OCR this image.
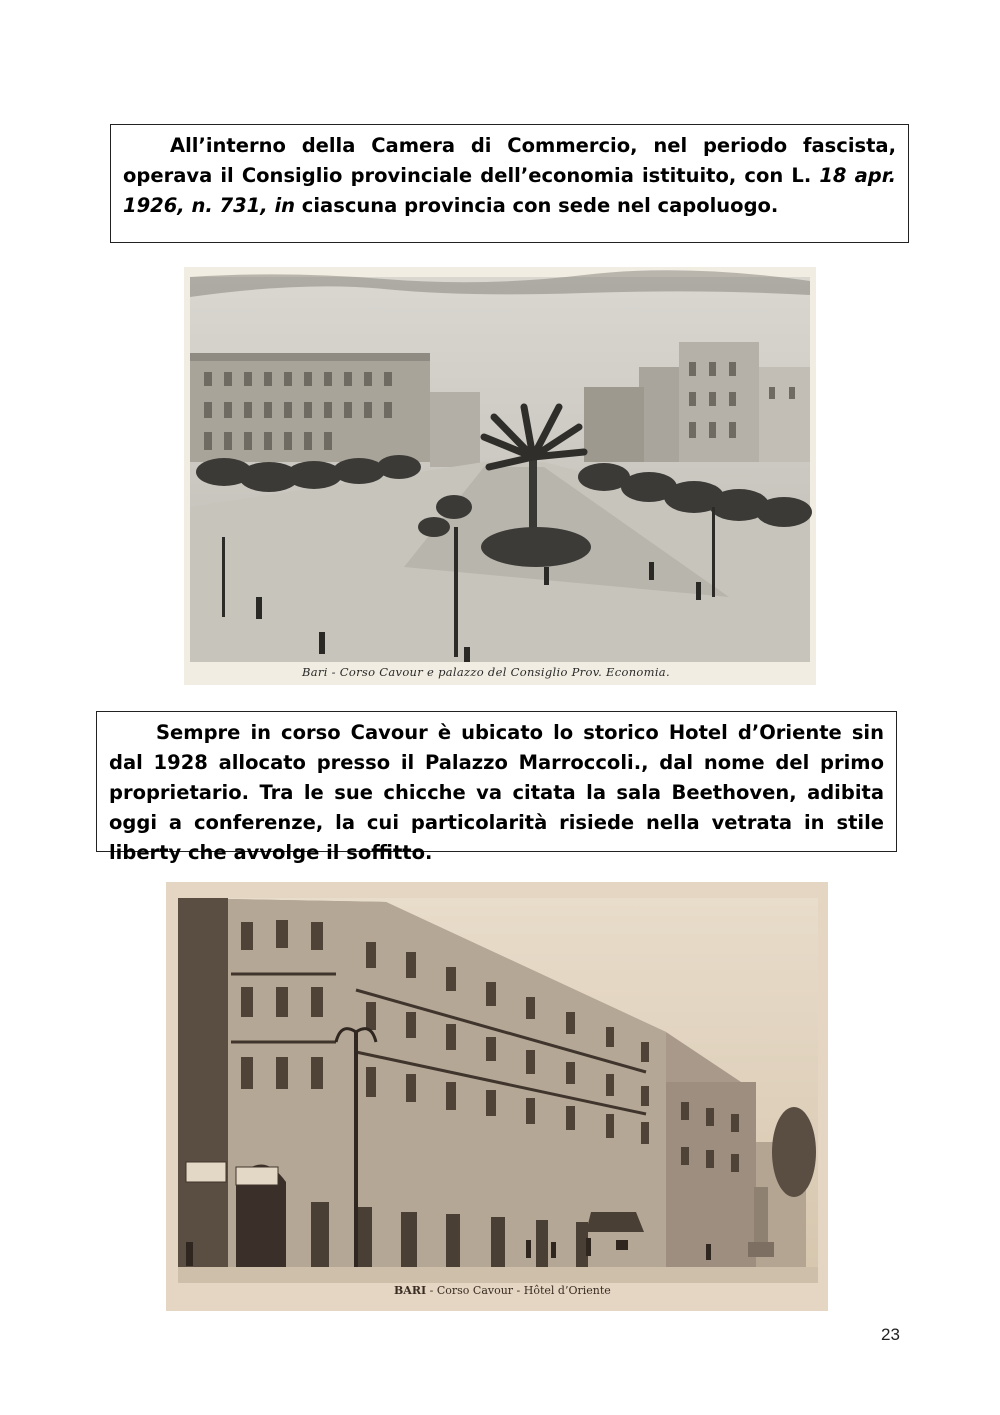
All’interno della Camera di Commercio, nel periodo fascista, operava il Consiglio provinciale dell’economia istituito, con L. 18 apr. 1926, n. 731, in ciascuna provincia con sede nel capoluogo.
Bari - Corso Cavour e palazzo del Consiglio Prov. Economia.
Sempre in corso Cavour è ubicato lo storico Hotel d’Oriente sin dal 1928 allocato presso il Palazzo Marroccoli., dal nome del primo proprietario. Tra le sue chicche va citata la sala Beethoven, adibita oggi a conferenze, la cui particolarità risiede nella vetrata in stile liberty che avvolge il soffitto.
BARI - Corso Cavour - Hôtel d’Oriente
23
